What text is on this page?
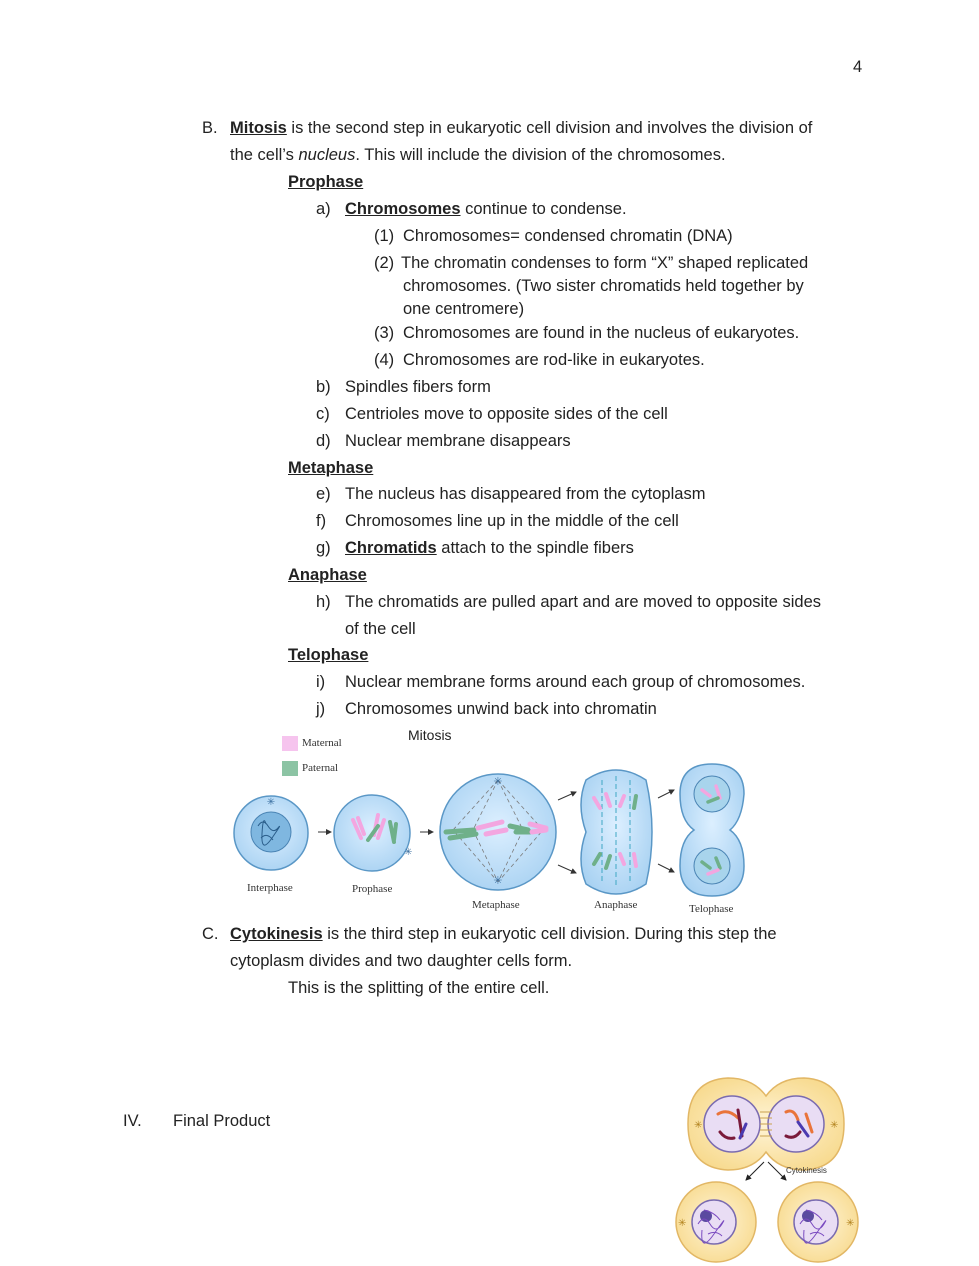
4
B. Mitosis is the second step in eukaryotic cell division and involves the division of
the cell’s nucleus. This will include the division of the chromosomes.
Prophase
a) Chromosomes continue to condense.
(1) Chromosomes= condensed chromatin (DNA)
(2) The chromatin condenses to form “X” shaped replicated
chromosomes. (Two sister chromatids held together by
one centromere)
(3) Chromosomes are found in the nucleus of eukaryotes.
(4) Chromosomes are rod-like in eukaryotes.
b) Spindles fibers form
c) Centrioles move to opposite sides of the cell
d) Nuclear membrane disappears
Metaphase
e) The nucleus has disappeared from the cytoplasm
f) Chromosomes line up in the middle of the cell
g) Chromatids attach to the spindle fibers
Anaphase
h) The chromatids are pulled apart and are moved to opposite sides
of the cell
Telophase
i) Nuclear membrane forms around each group of chromosomes.
j) Chromosomes unwind back into chromatin
Mitosis
Maternal
Paternal
✳
✳
✳
✳
Interphase	Prophase
Metaphase	Anaphase	Telophase
C. Cytokinesis is the third step in eukaryotic cell division. During this step the
cytoplasm divides and two daughter cells form.
This is the splitting of the entire cell.
IV. Final Product	✳	✳
✳	✳
Cytokinesis
